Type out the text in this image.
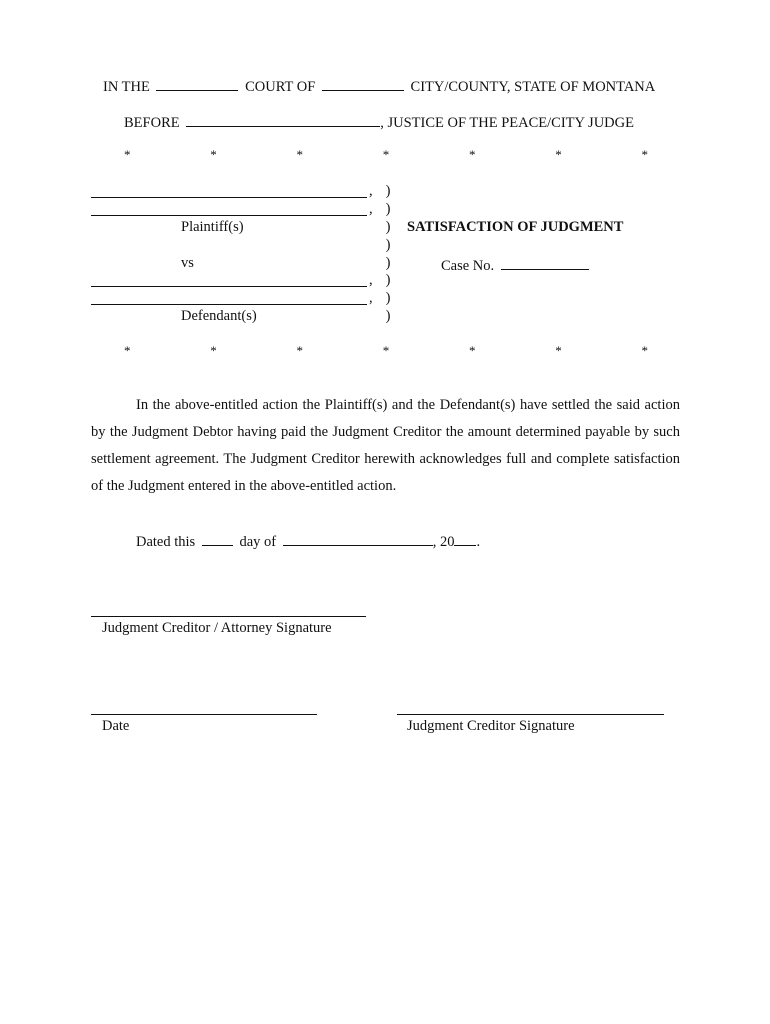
IN THE	COURT OF	CITY/COUNTY, STATE OF MONTANA
BEFORE	, JUSTICE OF THE PEACE/CITY JUDGE
*	*	*	*	*	*	*
,
,
Plaintiff(s)
vs
,
,
Defendant(s)
)
)
)
)
)
)
)
)
SATISFACTION OF JUDGMENT
Case No.
*	*	*	*	*	*	*
In the above-entitled action the Plaintiff(s) and the Defendant(s) have settled the said action by the Judgment Debtor having paid the Judgment Creditor the amount determined payable by such settlement agreement. The Judgment Creditor herewith acknowledges full and complete satisfaction of the Judgment entered in the above-entitled action.
Dated this	day of	, 20 .
Judgment Creditor / Attorney Signature
Date	Judgment Creditor Signature
